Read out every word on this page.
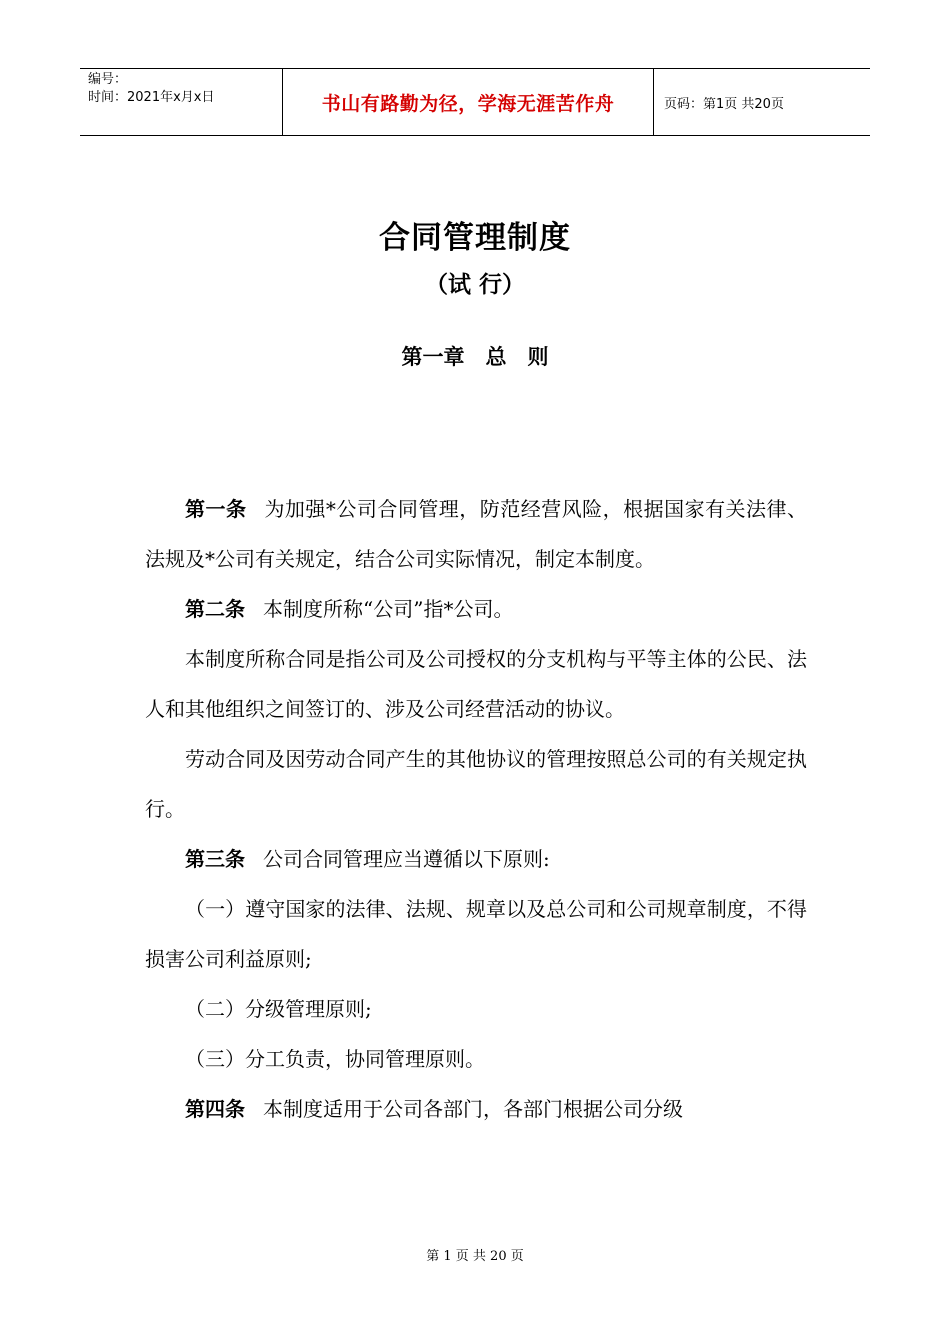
编号：
时间：2021年x月x日	书山有路勤为径，学海无涯苦作舟	页码：第1页 共20页
合同管理制度
（试 行）
第一章　总　则

第一条 为加强*公司合同管理，防范经营风险，根据国家有关法律、法规及*公司有关规定，结合公司实际情况，制定本制度。

第二条 本制度所称“公司”指*公司。

本制度所称合同是指公司及公司授权的分支机构与平等主体的公民、法人和其他组织之间签订的、涉及公司经营活动的协议。

劳动合同及因劳动合同产生的其他协议的管理按照总公司的有关规定执行。

第三条 公司合同管理应当遵循以下原则:

（一）遵守国家的法律、法规、规章以及总公司和公司规章制度，不得损害公司利益原则;

（二）分级管理原则;

（三）分工负责，协同管理原则。

第四条 本制度适用于公司各部门，各部门根据公司分级

第 1 页 共 20 页
